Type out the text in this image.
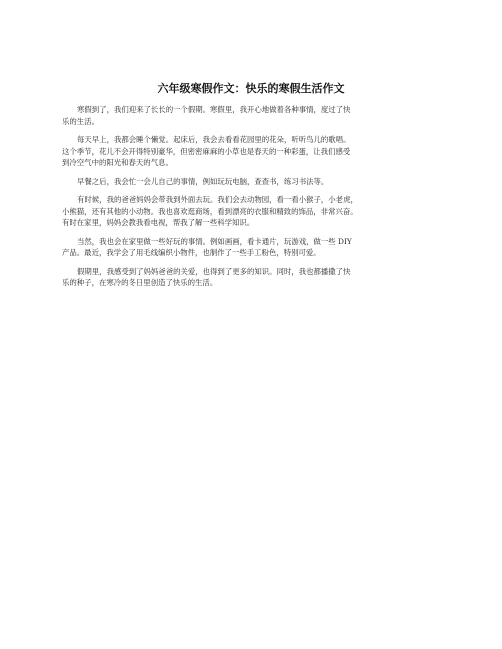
六年级寒假作文：快乐的寒假生活作文

寒假到了，我们迎来了长长的一个假期。寒假里，我开心地做着各种事情，度过了快
乐的生活。

每天早上，我都会睡个懒觉。起床后，我会去看看花园里的花朵，听听鸟儿的歌唱。
这个季节，花儿不会开得特别豪华，但密密麻麻的小草也是春天的一种彩蛋，让我们感受
到冷空气中的阳光和春天的气息。

早餐之后，我会忙一会儿自己的事情，例如玩玩电脑，查查书，练习书法等。

有时候，我的爸爸妈妈会带我到外面去玩。我们会去动物园，看一看小猴子，小老虎，
小熊猫，还有其他的小动物。我也喜欢逛商场，看到漂亮的衣服和精致的饰品，非常兴奋。
有时在家里，妈妈会教我看电视，帮我了解一些科学知识。

当然，我也会在家里做一些好玩的事情。例如画画，看卡通片，玩游戏，做一些 DIY
产品。最近，我学会了用毛线编织小物件，也制作了一些手工粉色，特别可爱。

假期里，我感受到了妈妈爸爸的关爱，也得到了更多的知识。同时，我也都播撒了快
乐的种子，在寒冷的冬日里创造了快乐的生活。
